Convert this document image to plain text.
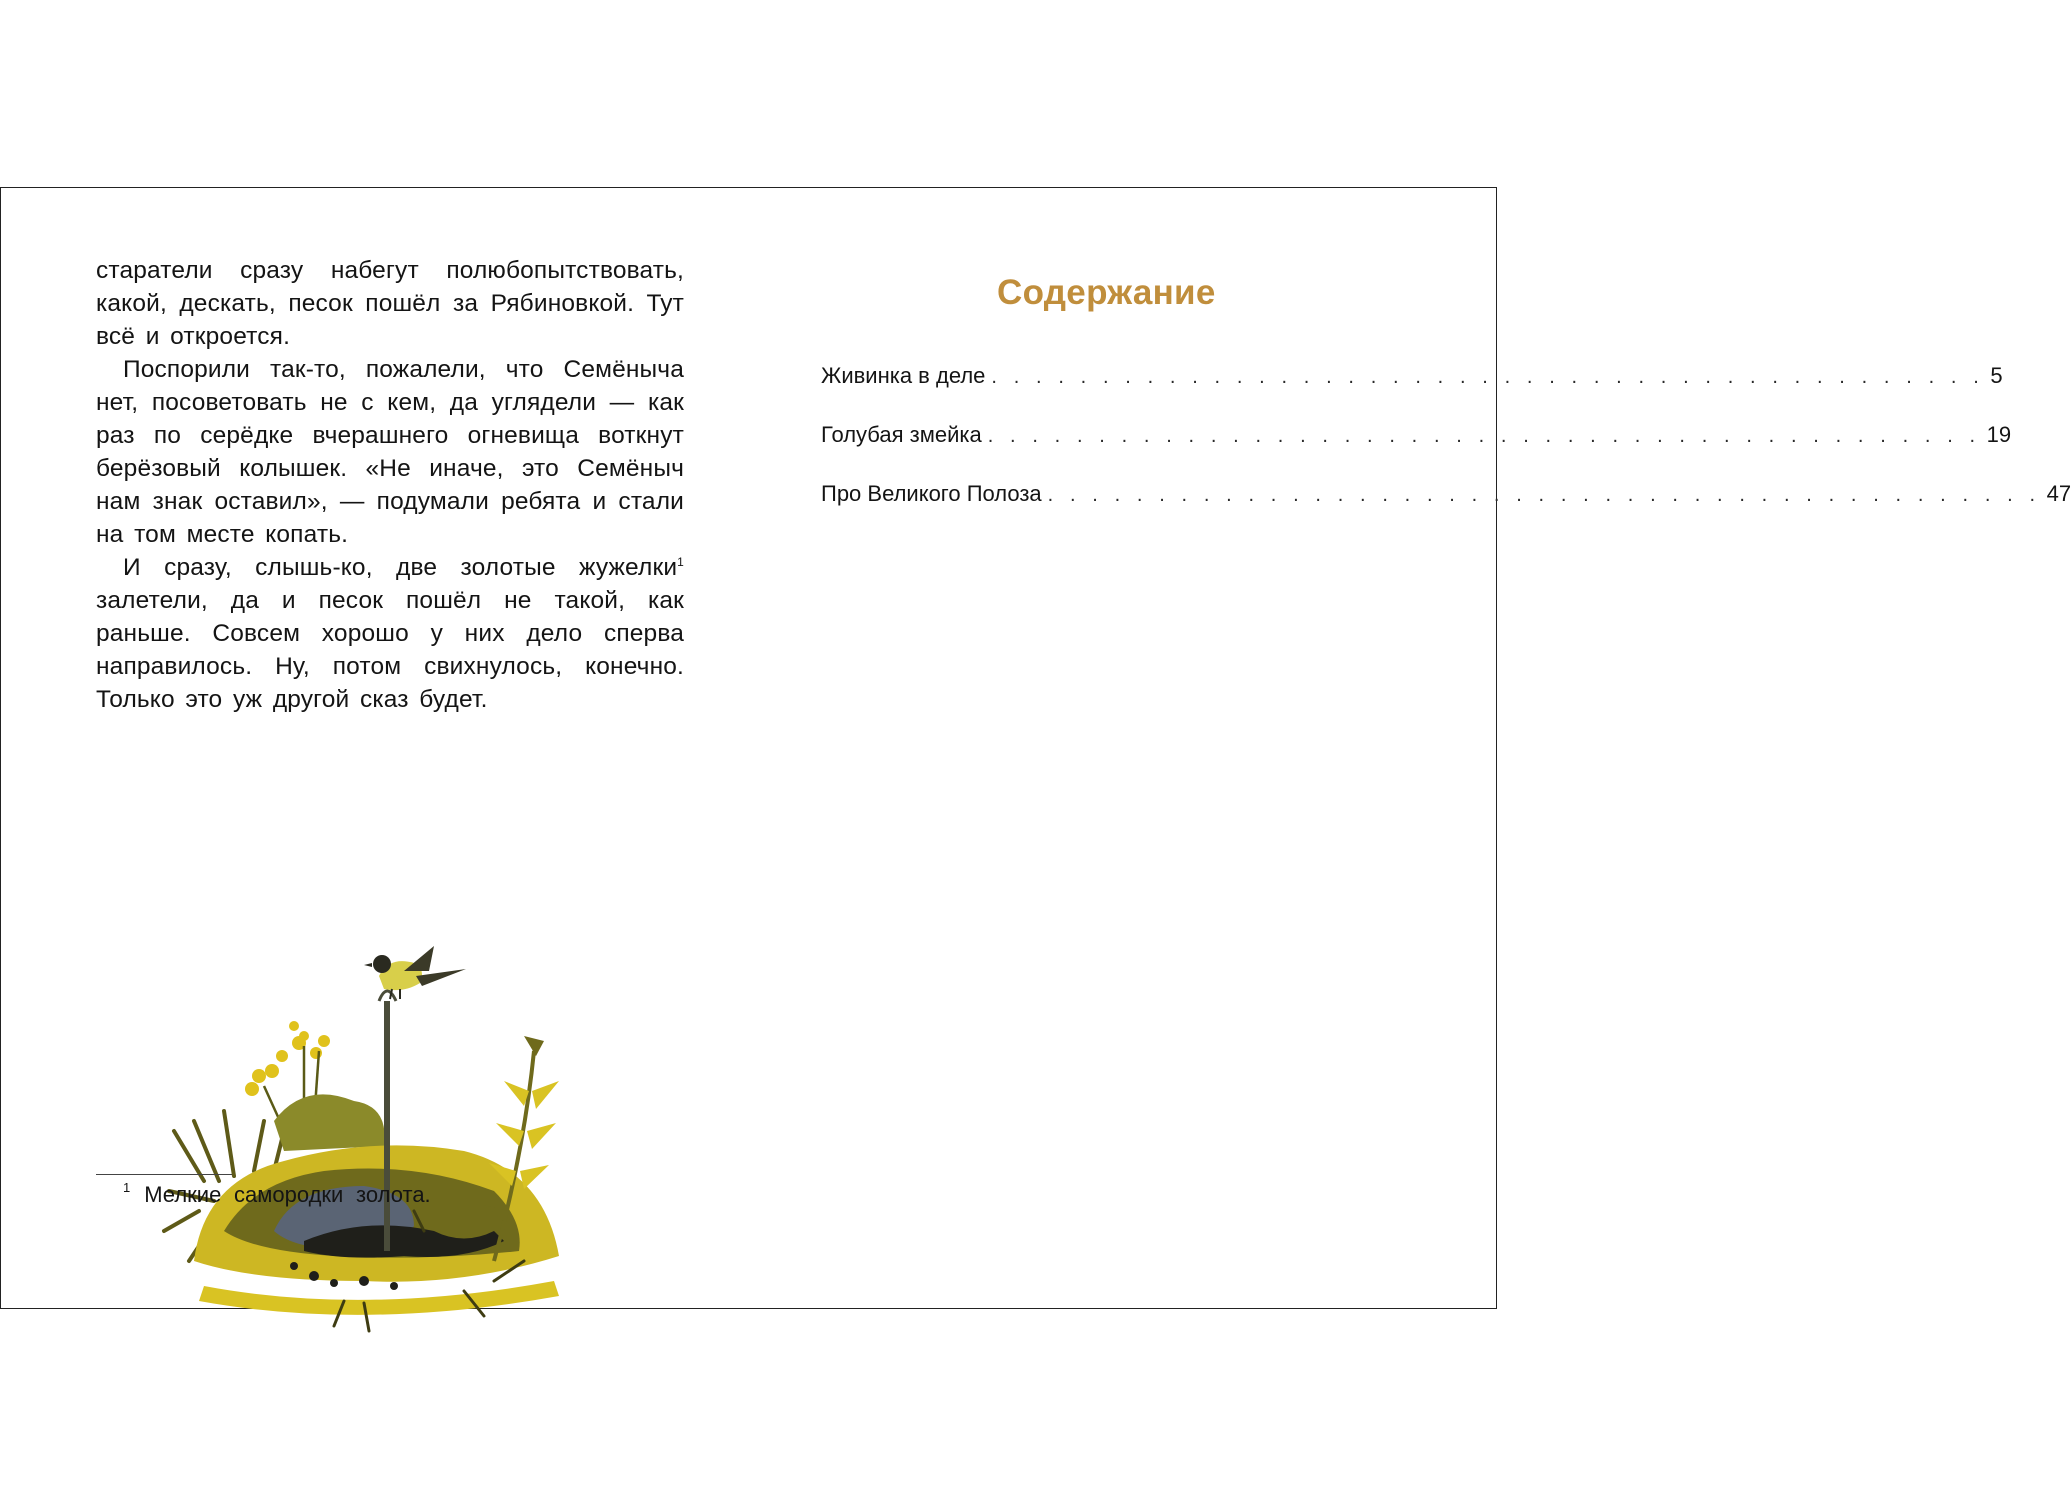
старатели сразу набегут полюбопытствовать, какой, дескать, песок пошёл за Рябиновкой. Тут всё и откроется.

Поспорили так-то, пожалели, что Семёныча нет, посоветовать не с кем, да углядели — как раз по серёдке вчерашнего огневища воткнут берёзовый колышек. «Не иначе, это Семёныч нам знак оставил», — подумали ребята и стали на том месте копать.

И сразу, слышь-ко, две золотые жужелки$^1$ залетели, да и песок пошёл не такой, как раньше. Совсем хорошо у них дело сперва направилось. Ну, потом свихнулось, конечно. Только это уж другой сказ будет.

$^1$ Мелкие самородки золота.
Содержание
Живинка в деле . . . . . . . . . . . . . . . . . . . . . . . . . . . . . . . . . . . . . . . . . . . . . 5
Голубая змейка . . . . . . . . . . . . . . . . . . . . . . . . . . . . . . . . . . . . . . . . . . . . . 19
Про Великого Полоза . . . . . . . . . . . . . . . . . . . . . . . . . . . . . . . . . . . . . . . . . . . . . 47
